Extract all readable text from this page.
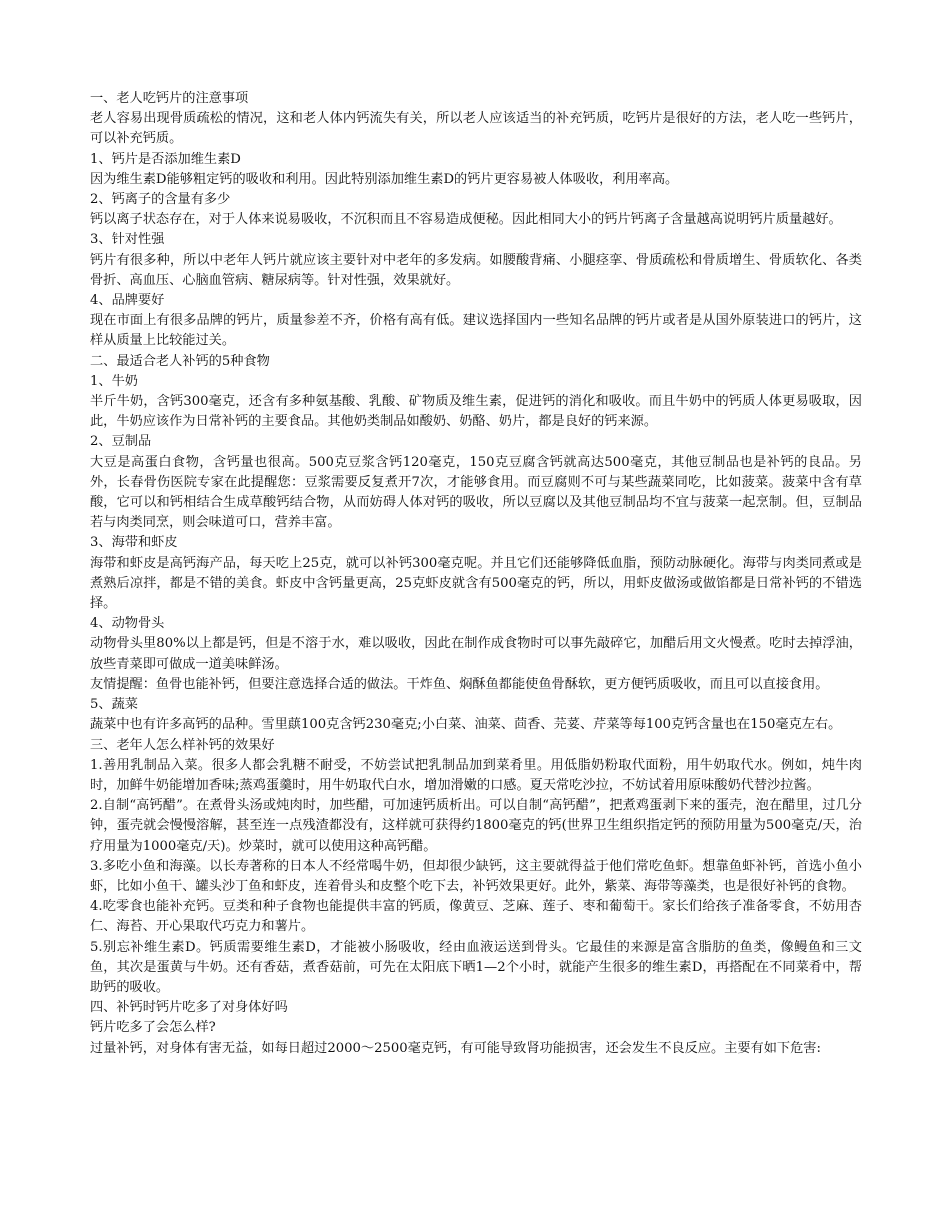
一、老人吃钙片的注意事项

老人容易出现骨质疏松的情况，这和老人体内钙流失有关，所以老人应该适当的补充钙质，吃钙片是很好的方法，老人吃一些钙片，可以补充钙质。

1、钙片是否添加维生素D

因为维生素D能够粗定钙的吸收和利用。因此特别添加维生素D的钙片更容易被人体吸收，利用率高。

2、钙离子的含量有多少

钙以离子状态存在，对于人体来说易吸收，不沉积而且不容易造成便秘。因此相同大小的钙片钙离子含量越高说明钙片质量越好。

3、针对性强

钙片有很多种，所以中老年人钙片就应该主要针对中老年的多发病。如腰酸背痛、小腿痉挛、骨质疏松和骨质增生、骨质软化、各类骨折、高血压、心脑血管病、糖尿病等。针对性强，效果就好。

4、品牌要好

现在市面上有很多品牌的钙片，质量参差不齐，价格有高有低。建议选择国内一些知名品牌的钙片或者是从国外原装进口的钙片，这样从质量上比较能过关。

二、最适合老人补钙的5种食物

1、牛奶

半斤牛奶，含钙300毫克，还含有多种氨基酸、乳酸、矿物质及维生素，促进钙的消化和吸收。而且牛奶中的钙质人体更易吸取，因此，牛奶应该作为日常补钙的主要食品。其他奶类制品如酸奶、奶酪、奶片，都是良好的钙来源。

2、豆制品

大豆是高蛋白食物，含钙量也很高。500克豆浆含钙120毫克，150克豆腐含钙就高达500毫克，其他豆制品也是补钙的良品。另外，长春骨伤医院专家在此提醒您：豆浆需要反复煮开7次，才能够食用。而豆腐则不可与某些蔬菜同吃，比如菠菜。菠菜中含有草酸，它可以和钙相结合生成草酸钙结合物，从而妨碍人体对钙的吸收，所以豆腐以及其他豆制品均不宜与菠菜一起烹制。但，豆制品若与肉类同烹，则会味道可口，营养丰富。

3、海带和虾皮

海带和虾皮是高钙海产品，每天吃上25克，就可以补钙300毫克呢。并且它们还能够降低血脂，预防动脉硬化。海带与肉类同煮或是煮熟后凉拌，都是不错的美食。虾皮中含钙量更高，25克虾皮就含有500毫克的钙，所以，用虾皮做汤或做馅都是日常补钙的不错选择。

4、动物骨头

动物骨头里80%以上都是钙，但是不溶于水，难以吸收，因此在制作成食物时可以事先敲碎它，加醋后用文火慢煮。吃时去掉浮油，放些青菜即可做成一道美味鲜汤。

友情提醒：鱼骨也能补钙，但要注意选择合适的做法。干炸鱼、焖酥鱼都能使鱼骨酥软，更方便钙质吸收，而且可以直接食用。

5、蔬菜

蔬菜中也有许多高钙的品种。雪里蕻100克含钙230毫克;小白菜、油菜、茴香、芫荽、芹菜等每100克钙含量也在150毫克左右。

三、老年人怎么样补钙的效果好

1.善用乳制品入菜。很多人都会乳糖不耐受，不妨尝试把乳制品加到菜肴里。用低脂奶粉取代面粉，用牛奶取代水。例如，炖牛肉时，加鲜牛奶能增加香味;蒸鸡蛋羹时，用牛奶取代白水，增加滑嫩的口感。夏天常吃沙拉，不妨试着用原味酸奶代替沙拉酱。

2.自制“高钙醋”。在煮骨头汤或炖肉时，加些醋，可加速钙质析出。可以自制“高钙醋”，把煮鸡蛋剥下来的蛋壳，泡在醋里，过几分钟，蛋壳就会慢慢溶解，甚至连一点残渣都没有，这样就可获得约1800毫克的钙(世界卫生组织指定钙的预防用量为500毫克/天，治疗用量为1000毫克/天)。炒菜时，就可以使用这种高钙醋。

3.多吃小鱼和海藻。以长寿著称的日本人不经常喝牛奶，但却很少缺钙，这主要就得益于他们常吃鱼虾。想靠鱼虾补钙，首选小鱼小虾，比如小鱼干、罐头沙丁鱼和虾皮，连着骨头和皮整个吃下去，补钙效果更好。此外，紫菜、海带等藻类，也是很好补钙的食物。

4.吃零食也能补充钙。豆类和种子食物也能提供丰富的钙质，像黄豆、芝麻、莲子、枣和葡萄干。家长们给孩子准备零食，不妨用杏仁、海苔、开心果取代巧克力和薯片。

5.别忘补维生素D。钙质需要维生素D，才能被小肠吸收，经由血液运送到骨头。它最佳的来源是富含脂肪的鱼类，像鳗鱼和三文鱼，其次是蛋黄与牛奶。还有香菇，煮香菇前，可先在太阳底下晒1—2个小时，就能产生很多的维生素D，再搭配在不同菜肴中，帮助钙的吸收。

四、补钙时钙片吃多了对身体好吗

钙片吃多了会怎么样?

过量补钙，对身体有害无益，如每日超过2000～2500毫克钙，有可能导致肾功能损害，还会发生不良反应。主要有如下危害:
